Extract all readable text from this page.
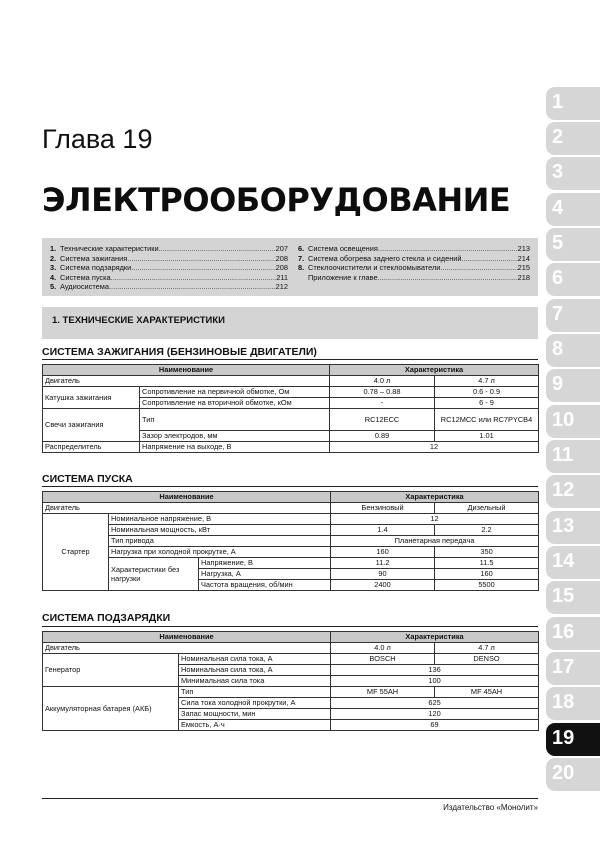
Глава 19
ЭЛЕКТРООБОРУДОВАНИЕ
1. Технические характеристики .....	207
2. Система зажигания .....	208
3. Система подзарядки .....	208
4. Система пуска .....	211
5. Аудиосистема .....	212
6. Система освещения .....	213
7. Система обогрева заднего стекла и сидений .....	214
8. Стеклоочистители и стеклоомыватели .....	215
Приложение к главе .....	218
1. ТЕХНИЧЕСКИЕ ХАРАКТЕРИСТИКИ
СИСТЕМА ЗАЖИГАНИЯ (БЕНЗИНОВЫЕ ДВИГАТЕЛИ)
Наименование		Характеристика	
Двигатель		4.0 л	4.7 л
Катушка зажигания	Сопротивление на первичной обмотке, Ом	0.78 – 0.88	0.6 - 0.9
	Сопротивление на вторичной обмотке, кОм	-	6 - 9
Свечи зажигания	Тип	RC12ECC	RC12MCC или RC7PYCB4
	Зазор электродов, мм	0.89	1.01
Распределитель	Напряжение на выходе, В	12	
СИСТЕМА ПУСКА
Наименование			Характеристика	
Двигатель			Бензиновый	Дизельный
Стартер	Номинальное напряжение, В		12	
	Номинальная мощность, кВт		1.4	2.2
	Тип привода		Планетарная передача	
	Нагрузка при холодной прокрутке, А		160	350
	Характеристики без нагрузки	Напряжение, В	11.2	11.5
		Нагрузка, А	90	160
		Частота вращения, об/мин	2400	5500
СИСТЕМА ПОДЗАРЯДКИ
Наименование		Характеристика	
Двигатель		4.0 л	4.7 л
Генератор	Номинальная сила тока, А	BOSCH	DENSO
	Номинальная сила тока, А	136	
	Минимальная сила тока	100	
Аккумуляторная батарея (АКБ)	Тип	MF 55AH	MF 45AH
	Сила тока холодной прокрутки, А	625	
	Запас мощности, мин	120	
	Емкость, А·ч	69	
1
2
3
4
5
6
7
8
9
10
11
12
13
14
15
16
17
18
19
20
Издательство «Монолит»
